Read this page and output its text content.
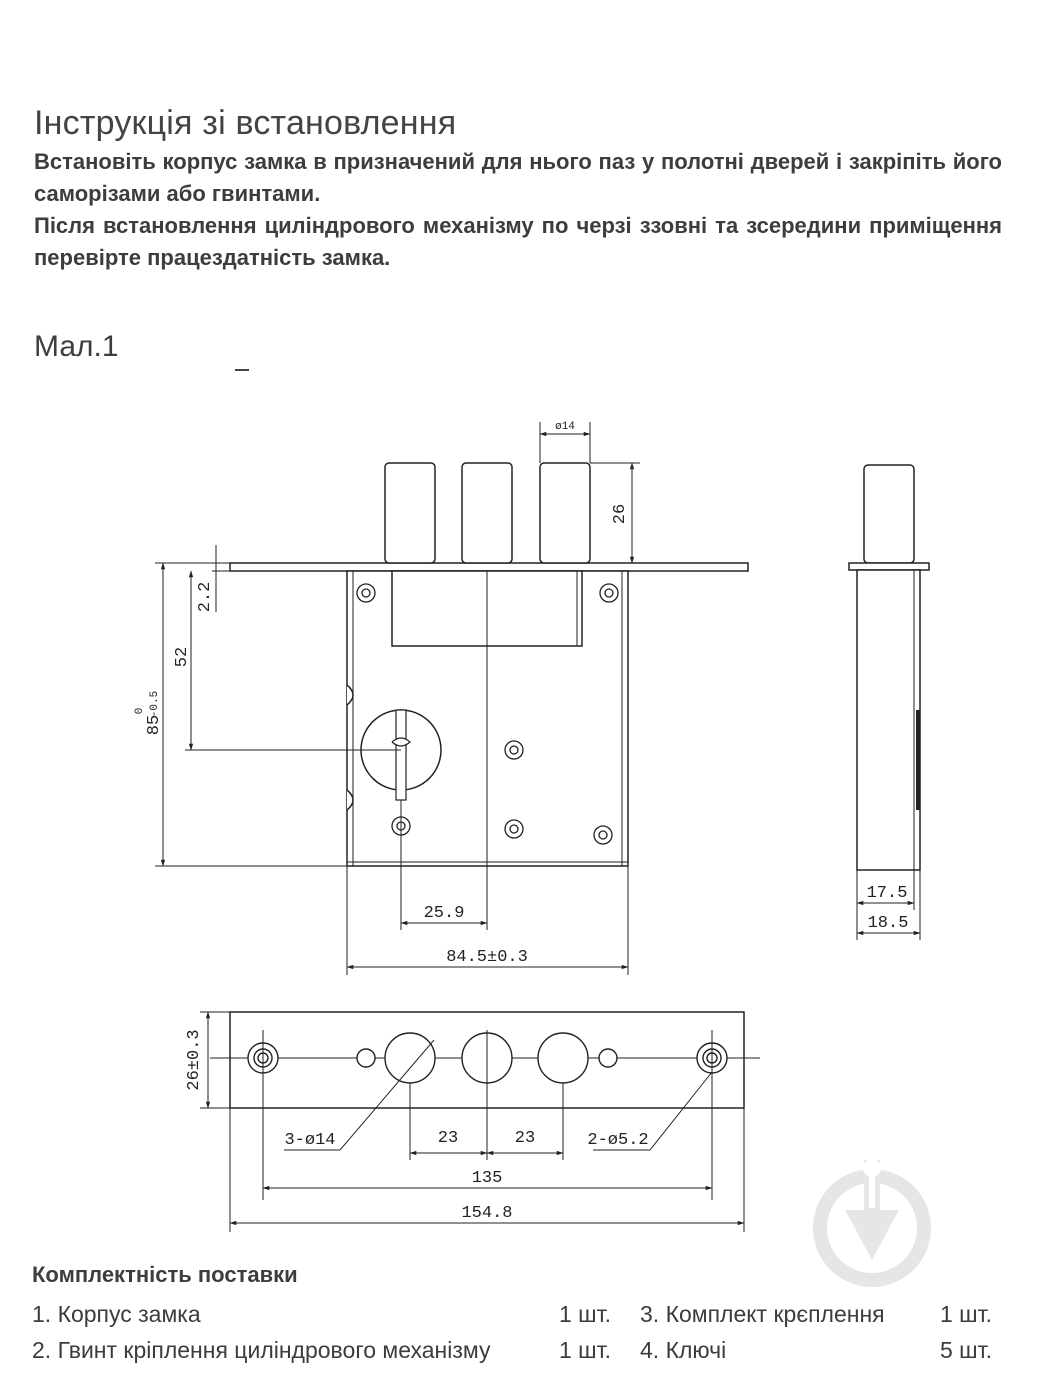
Інструкція зі встановлення
Встановіть корпус замка в призначений для нього паз у полотні дверей і закріпіть його саморізами або гвинтами.
Після встановлення циліндрового механізму по черзі ззовні та зсередини приміщення перевірте працездатність замка.
Мал.1
ø14
26
2.2
52
85
0 -0.5
25.9
84.5±0.3
17.5
18.5
26±0.3
3-ø14	23	23	2-ø5.2
135
154.8
Комплектність поставки
1. Корпус замка	1 шт.
2. Гвинт кріплення циліндрового механізму	1 шт.
3. Комплект крєплення 1 шт.
4. Ключі	5 шт.
